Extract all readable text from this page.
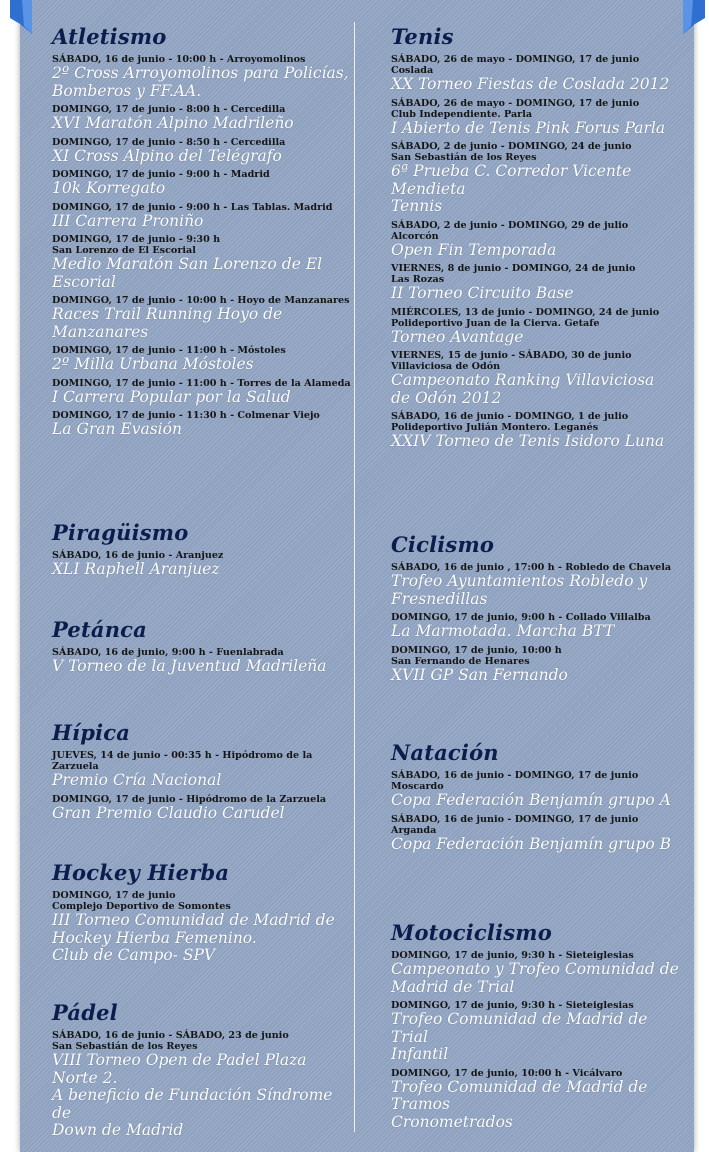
Atletismo
SÁBADO, 16 de junio - 10:00 h - Arroyomolinos
2º Cross Arroyomolinos para Policías,
Bomberos y FF.AA.
DOMINGO, 17 de junio - 8:00 h - Cercedilla
XVI Maratón Alpino Madrileño
DOMINGO, 17 de junio - 8:50 h - Cercedilla
XI Cross Alpino del Telégrafo
DOMINGO, 17 de junio - 9:00 h - Madrid
10k Korregato
DOMINGO, 17 de junio - 9:00 h - Las Tablas. Madrid
III Carrera Proniño
DOMINGO, 17 de junio - 9:30 h
San Lorenzo de El Escorial
Medio Maratón San Lorenzo de El Escorial
DOMINGO, 17 de junio - 10:00 h - Hoyo de Manzanares
Races Trail Running Hoyo de Manzanares
DOMINGO, 17 de junio - 11:00 h - Móstoles
2º Milla Urbana Móstoles
DOMINGO, 17 de junio - 11:00 h - Torres de la Alameda
I Carrera Popular por la Salud
DOMINGO, 17 de junio - 11:30 h - Colmenar Viejo
La Gran Evasión
Piragüismo
SÁBADO, 16 de junio - Aranjuez
XLI Raphell Aranjuez
Petánca
SÁBADO, 16 de junio, 9:00 h - Fuenlabrada
V Torneo de la Juventud Madrileña
Hípica
JUEVES, 14 de junio - 00:35 h - Hipódromo de la Zarzuela
Premio Cría Nacional
DOMINGO, 17 de junio - Hipódromo de la Zarzuela
Gran Premio Claudio Carudel
Hockey Hierba
DOMINGO, 17 de junio
Complejo Deportivo de Somontes
III Torneo Comunidad de Madrid de
Hockey Hierba Femenino.
Club de Campo- SPV
Pádel
SÁBADO, 16 de junio - SÁBADO, 23 de junio
San Sebastián de los Reyes
VIII Torneo Open de Padel Plaza Norte 2.
A beneficio de Fundación Síndrome de
Down de Madrid
Tenis
SÁBADO, 26 de mayo - DOMINGO, 17 de junio
Coslada
XX Torneo Fiestas de Coslada 2012
SÁBADO, 26 de mayo - DOMINGO, 17 de junio
Club Independiente. Parla
I Abierto de Tenis Pink Forus Parla
SÁBADO, 2 de junio - DOMINGO, 24 de junio
San Sebastián de los Reyes
6ª Prueba C. Corredor Vicente Mendieta
Tennis
SÁBADO, 2 de junio - DOMINGO, 29 de julio
Alcorcón
Open Fin Temporada
VIERNES, 8 de junio - DOMINGO, 24 de junio
Las Rozas
II Torneo Circuito Base
MIÉRCOLES, 13 de junio - DOMINGO, 24 de junio
Polideportivo Juan de la Cierva. Getafe
Torneo Avantage
VIERNES, 15 de junio - SÁBADO, 30 de junio
Villaviciosa de Odón
Campeonato Ranking Villaviciosa
de Odón 2012
SÁBADO, 16 de junio - DOMINGO, 1 de julio
Polideportivo Julián Montero. Leganés
XXIV Torneo de Tenis Isidoro Luna
Ciclismo
SÁBADO, 16 de junio , 17:00 h - Robledo de Chavela
Trofeo Ayuntamientos Robledo y
Fresnedillas
DOMINGO, 17 de junio, 9:00 h - Collado Villalba
La Marmotada. Marcha BTT
DOMINGO, 17 de junio, 10:00 h
San Fernando de Henares
XVII GP San Fernando
Natación
SÁBADO, 16 de junio - DOMINGO, 17 de junio
Moscardo
Copa Federación Benjamín grupo A
SÁBADO, 16 de junio - DOMINGO, 17 de junio
Arganda
Copa Federación Benjamín grupo B
Motociclismo
DOMINGO, 17 de junio, 9:30 h - Sieteiglesias
Campeonato y Trofeo Comunidad de
Madrid de Trial
DOMINGO, 17 de junio, 9:30 h - Sieteiglesias
Trofeo Comunidad de Madrid de Trial
Infantil
DOMINGO, 17 de junio, 10:00 h - Vicálvaro
Trofeo Comunidad de Madrid de Tramos
Cronometrados
